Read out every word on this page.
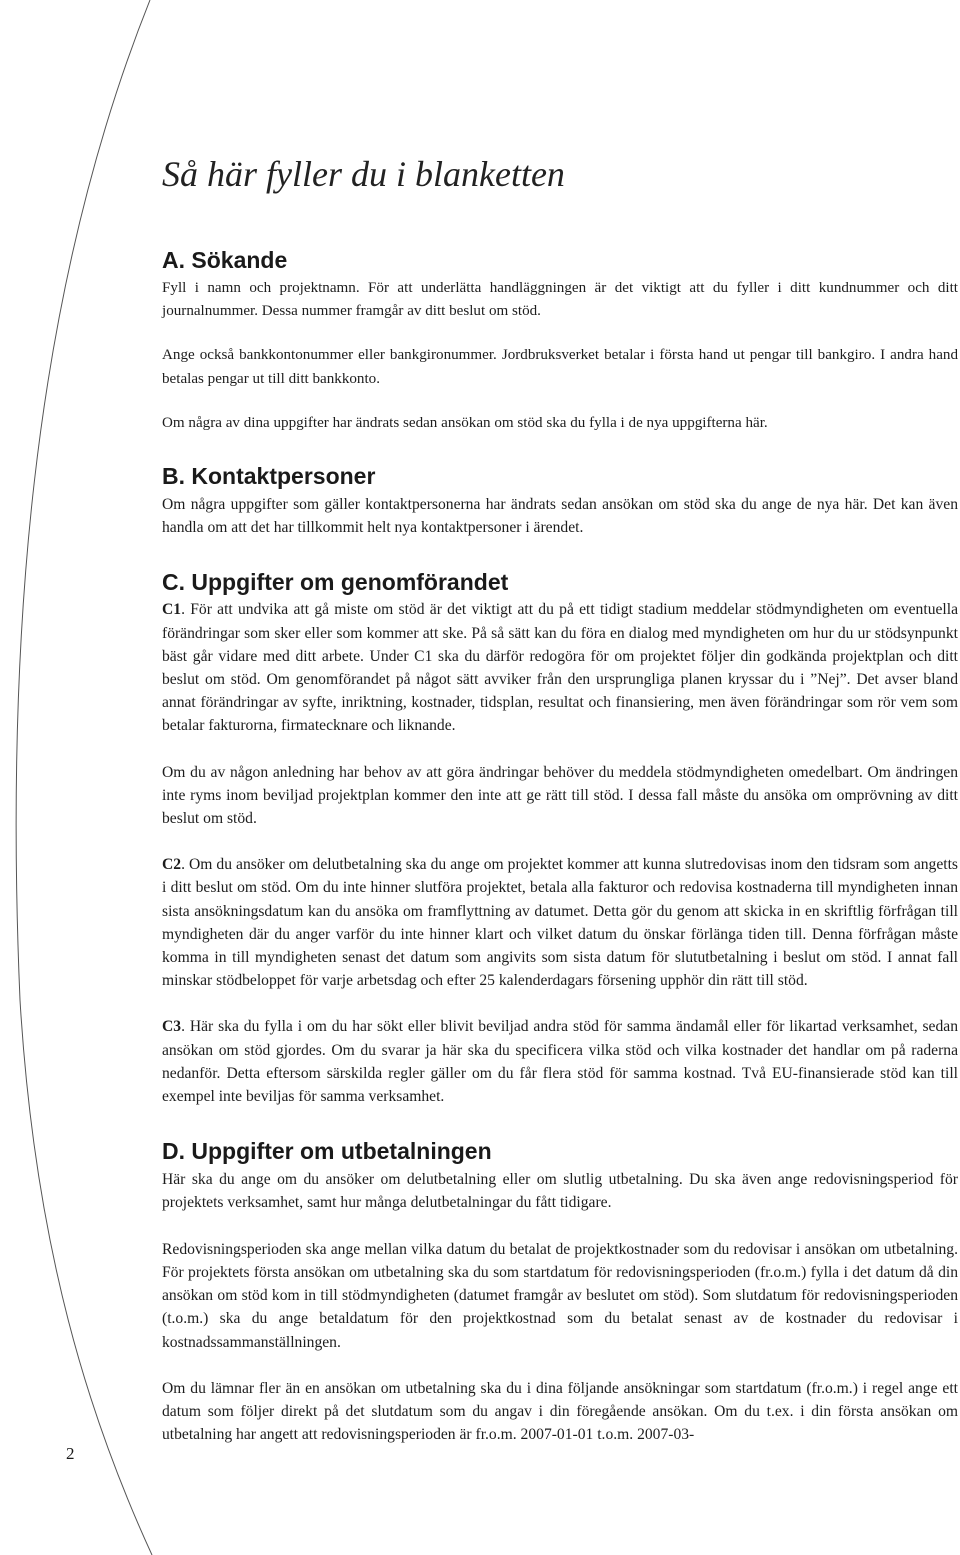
2
Så här fyller du i blanketten
A. Sökande

Fyll i namn och projektnamn. För att underlätta handläggningen är det viktigt att du fyller i ditt kundnummer och ditt journalnummer. Dessa nummer framgår av ditt beslut om stöd.

Ange också bankkontonummer eller bankgironummer. Jordbruksverket betalar i första hand ut pengar till bankgiro. I andra hand betalas pengar ut till ditt bankkonto.

Om några av dina uppgifter har ändrats sedan ansökan om stöd ska du fylla i de nya uppgifterna här.

B. Kontaktpersoner

Om några uppgifter som gäller kontaktpersonerna har ändrats sedan ansökan om stöd ska du ange de nya här. Det kan även handla om att det har tillkommit helt nya kontaktpersoner i ärendet.

C. Uppgifter om genomförandet

C1. För att undvika att gå miste om stöd är det viktigt att du på ett tidigt stadium meddelar stödmyndigheten om eventuella förändringar som sker eller som kommer att ske. På så sätt kan du föra en dialog med myndigheten om hur du ur stödsynpunkt bäst går vidare med ditt arbete. Under C1 ska du därför redogöra för om projektet följer din godkända projektplan och ditt beslut om stöd. Om genomförandet på något sätt avviker från den ursprungliga planen kryssar du i ”Nej”. Det avser bland annat förändringar av syfte, inriktning, kostnader, tidsplan, resultat och finansiering, men även förändringar som rör vem som betalar fakturorna, firmatecknare och liknande.

Om du av någon anledning har behov av att göra ändringar behöver du meddela stödmyndigheten omedelbart. Om ändringen inte ryms inom beviljad projektplan kommer den inte att ge rätt till stöd. I dessa fall måste du ansöka om omprövning av ditt beslut om stöd.

C2. Om du ansöker om delutbetalning ska du ange om projektet kommer att kunna slutredovisas inom den tidsram som angetts i ditt beslut om stöd. Om du inte hinner slutföra projektet, betala alla fakturor och redovisa kostnaderna till myndigheten innan sista ansökningsdatum kan du ansöka om framflyttning av datumet. Detta gör du genom att skicka in en skriftlig förfrågan till myndigheten där du anger varför du inte hinner klart och vilket datum du önskar förlänga tiden till. Denna förfrågan måste komma in till myndigheten senast det datum som angivits som sista datum för slututbetalning i beslut om stöd. I annat fall minskar stödbeloppet för varje arbetsdag och efter 25 kalenderdagars försening upphör din rätt till stöd.

C3. Här ska du fylla i om du har sökt eller blivit beviljad andra stöd för samma ändamål eller för likartad verksamhet, sedan ansökan om stöd gjordes. Om du svarar ja här ska du specificera vilka stöd och vilka kostnader det handlar om på raderna nedanför. Detta eftersom särskilda regler gäller om du får flera stöd för samma kostnad. Två EU-finansierade stöd kan till exempel inte beviljas för samma verksamhet.

D. Uppgifter om utbetalningen

Här ska du ange om du ansöker om delutbetalning eller om slutlig utbetalning. Du ska även ange redovisningsperiod för projektets verksamhet, samt hur många delutbetalningar du fått tidigare.

Redovisningsperioden ska ange mellan vilka datum du betalat de projektkostnader som du redovisar i ansökan om utbetalning. För projektets första ansökan om utbetalning ska du som startdatum för redovisningsperioden (fr.o.m.) fylla i det datum då din ansökan om stöd kom in till stödmyndigheten (datumet framgår av beslutet om stöd). Som slutdatum för redovisningsperioden (t.o.m.) ska du ange betaldatum för den projektkostnad som du betalat senast av de kostnader du redovisar i kostnadssammanställningen.

Om du lämnar fler än en ansökan om utbetalning ska du i dina följande ansökningar som startdatum (fr.o.m.) i regel ange ett datum som följer direkt på det slutdatum som du angav i din föregående ansökan. Om du t.ex. i din första ansökan om utbetalning har angett att redovisningsperioden är fr.o.m. 2007-01-01 t.o.m. 2007-03-
